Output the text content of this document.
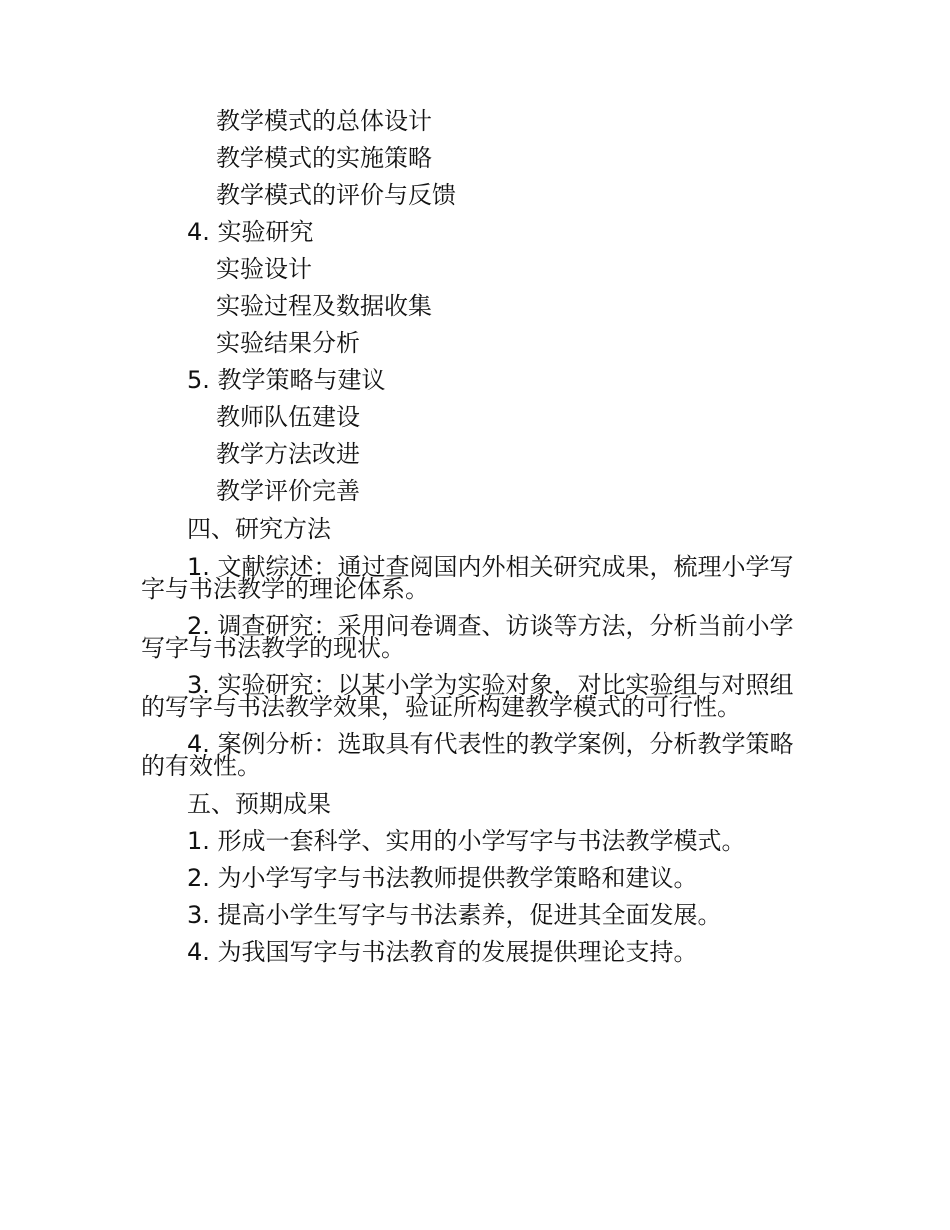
教学模式的总体设计
教学模式的实施策略
教学模式的评价与反馈
4. 实验研究
实验设计
实验过程及数据收集
实验结果分析
5. 教学策略与建议
教师队伍建设
教学方法改进
教学评价完善
四、研究方法
1. 文献综述：通过查阅国内外相关研究成果，梳理小学写
字与书法教学的理论体系。
2. 调查研究：采用问卷调查、访谈等方法，分析当前小学
写字与书法教学的现状。
3. 实验研究：以某小学为实验对象，对比实验组与对照组
的写字与书法教学效果，验证所构建教学模式的可行性。
4. 案例分析：选取具有代表性的教学案例，分析教学策略
的有效性。
五、预期成果
1. 形成一套科学、实用的小学写字与书法教学模式。
2. 为小学写字与书法教师提供教学策略和建议。
3. 提高小学生写字与书法素养，促进其全面发展。
4. 为我国写字与书法教育的发展提供理论支持。
